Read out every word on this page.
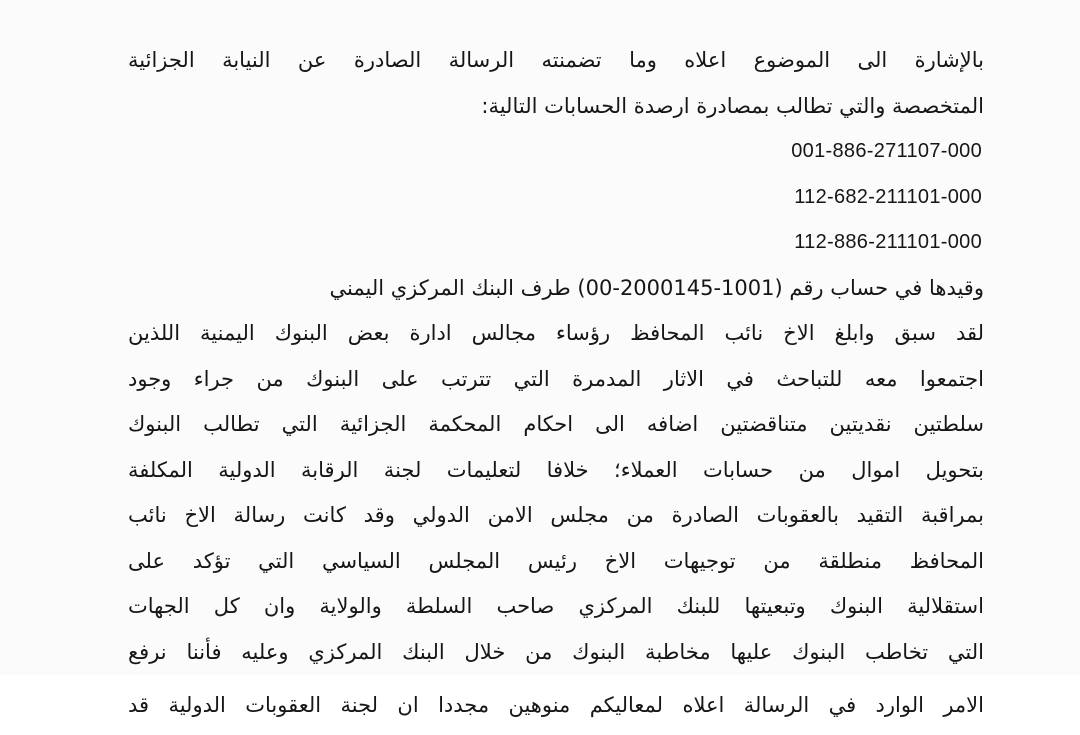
بالإشارة الى الموضوع اعلاه وما تضمنته الرسالة الصادرة عن النيابة الجزائية
المتخصصة والتي تطالب بمصادرة ارصدة الحسابات التالية:
001-886-271107-000
112-682-211101-000
112-886-211101-000
وقيدها في حساب رقم (1001-2000145-00) طرف البنك المركزي اليمني
لقد سبق وابلغ الاخ نائب المحافظ رؤساء مجالس ادارة بعض البنوك اليمنية اللذين
اجتمعوا معه للتباحث في الاثار المدمرة التي تترتب على البنوك من جراء وجود
سلطتين نقديتين متناقضتين اضافه الى احكام المحكمة الجزائية التي تطالب البنوك
بتحويل اموال من حسابات العملاء؛ خلافا لتعليمات لجنة الرقابة الدولية المكلفة
بمراقبة التقيد بالعقوبات الصادرة من مجلس الامن الدولي وقد كانت رسالة الاخ نائب
المحافظ منطلقة من توجيهات الاخ رئيس المجلس السياسي التي تؤكد على
استقلالية البنوك وتبعيتها للبنك المركزي صاحب السلطة والولاية وان كل الجهات
التي تخاطب البنوك عليها مخاطبة البنوك من خلال البنك المركزي وعليه فأننا نرفع
الامر الوارد في الرسالة اعلاه لمعاليكم منوهين مجددا ان لجنة العقوبات الدولية قد
